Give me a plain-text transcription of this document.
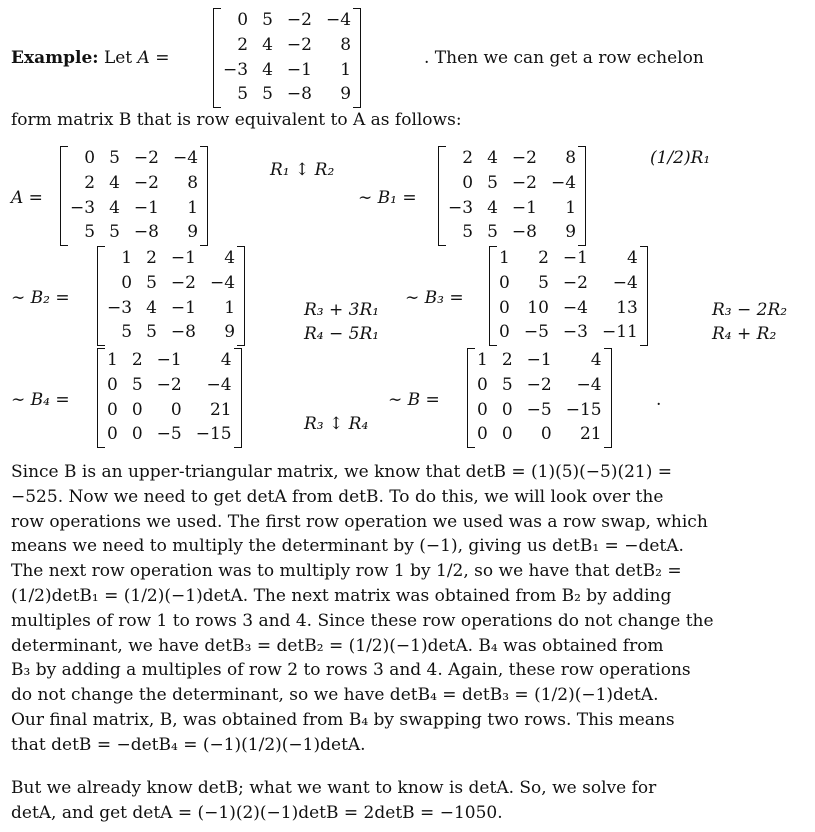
Example: Let A =
0	5	−2	−4
2	4	−2	8
−3	4	−1	1
5	5	−8	9
. Then we can get a row echelon
form matrix B that is row equivalent to A as follows:
A =
0	5	−2	−4
2	4	−2	8
−3	4	−1	1
5	5	−8	9
R₁ ↕ R₂
∼ B₁ =
2	4	−2	8
0	5	−2	−4
−3	4	−1	1
5	5	−8	9
(1/2)R₁
∼ B₂ =
1	2	−1	4
0	5	−2	−4
−3	4	−1	1
5	5	−8	9
R₃ + 3R₁
R₄ − 5R₁
∼ B₃ =
1	2	−1	4
0	5	−2	−4
0	10	−4	13
0	−5	−3	−11
R₃ − 2R₂
R₄ + R₂
∼ B₄ =
1	2	−1	4
0	5	−2	−4
0	0	0	21
0	0	−5	−15
R₃ ↕ R₄
∼ B =
1	2	−1	4
0	5	−2	−4
0	0	−5	−15
0	0	0	21
.
Since B is an upper-triangular matrix, we know that detB = (1)(5)(−5)(21) =
−525. Now we need to get detA from detB. To do this, we will look over the
row operations we used. The first row operation we used was a row swap, which
means we need to multiply the determinant by (−1), giving us detB₁ = −detA.
The next row operation was to multiply row 1 by 1/2, so we have that detB₂ =
(1/2)detB₁ = (1/2)(−1)detA. The next matrix was obtained from B₂ by adding
multiples of row 1 to rows 3 and 4. Since these row operations do not change the
determinant, we have detB₃ = detB₂ = (1/2)(−1)detA. B₄ was obtained from
B₃ by adding a multiples of row 2 to rows 3 and 4. Again, these row operations
do not change the determinant, so we have detB₄ = detB₃ = (1/2)(−1)detA.
Our final matrix, B, was obtained from B₄ by swapping two rows. This means
that detB = −detB₄ = (−1)(1/2)(−1)detA.
But we already know detB; what we want to know is detA. So, we solve for
detA, and get detA = (−1)(2)(−1)detB = 2detB = −1050.
